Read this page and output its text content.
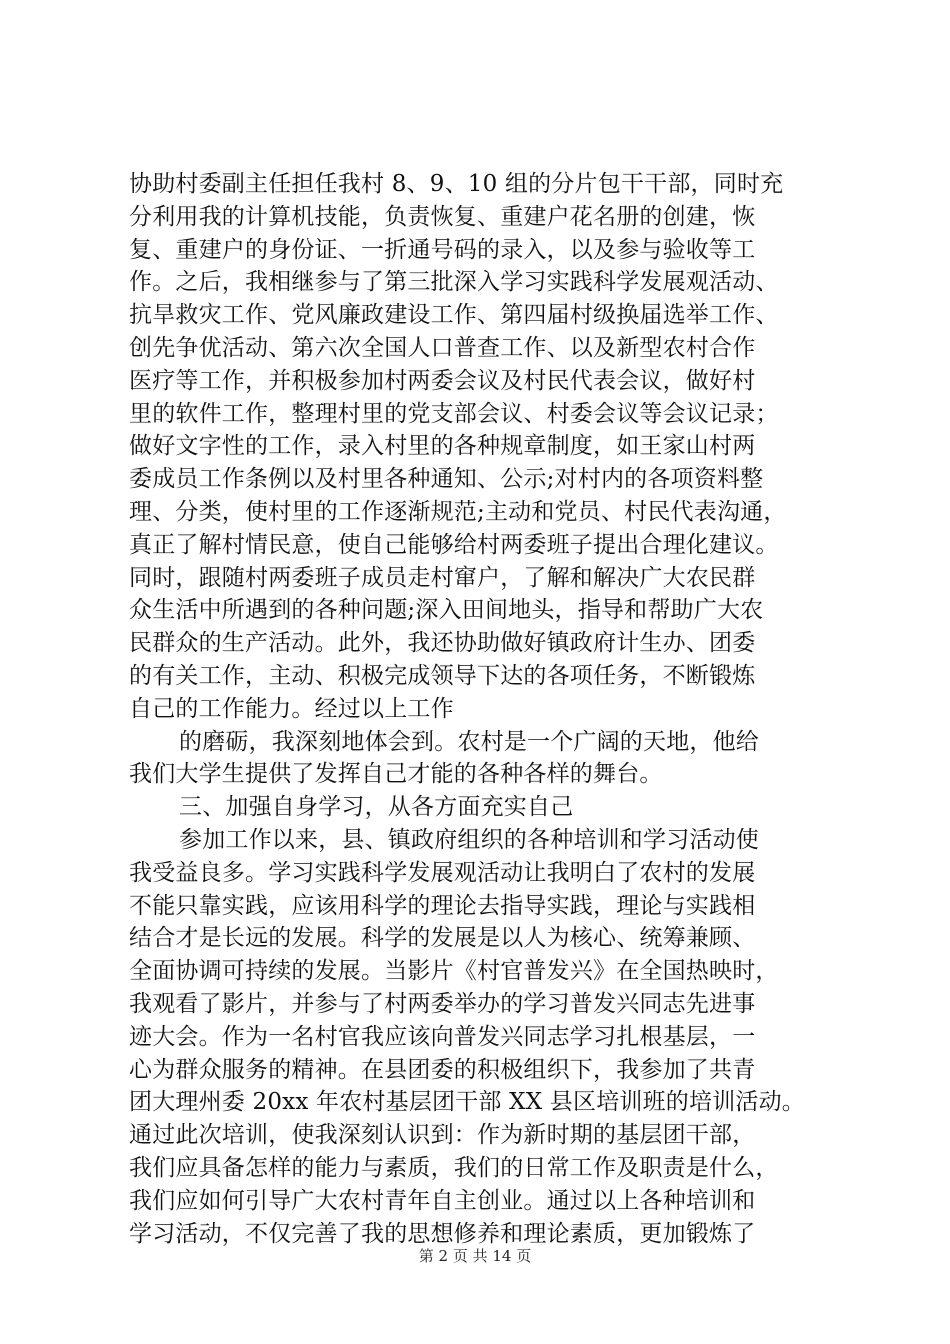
协助村委副主任担任我村 8、9、10 组的分片包干干部，同时充
分利用我的计算机技能，负责恢复、重建户花名册的创建，恢
复、重建户的身份证、一折通号码的录入，以及参与验收等工
作。之后，我相继参与了第三批深入学习实践科学发展观活动、
抗旱救灾工作、党风廉政建设工作、第四届村级换届选举工作、
创先争优活动、第六次全国人口普查工作、以及新型农村合作
医疗等工作，并积极参加村两委会议及村民代表会议，做好村
里的软件工作，整理村里的党支部会议、村委会议等会议记录；
做好文字性的工作，录入村里的各种规章制度，如王家山村两
委成员工作条例以及村里各种通知、公示;对村内的各项资料整
理、分类，使村里的工作逐渐规范;主动和党员、村民代表沟通，
真正了解村情民意，使自己能够给村两委班子提出合理化建议。
同时，跟随村两委班子成员走村窜户，了解和解决广大农民群
众生活中所遇到的各种问题;深入田间地头，指导和帮助广大农
民群众的生产活动。此外，我还协助做好镇政府计生办、团委
的有关工作，主动、积极完成领导下达的各项任务，不断锻炼
自己的工作能力。经过以上工作
的磨砺，我深刻地体会到。农村是一个广阔的天地，他给
我们大学生提供了发挥自己才能的各种各样的舞台。
三、加强自身学习，从各方面充实自己
参加工作以来，县、镇政府组织的各种培训和学习活动使
我受益良多。学习实践科学发展观活动让我明白了农村的发展
不能只靠实践，应该用科学的理论去指导实践，理论与实践相
结合才是长远的发展。科学的发展是以人为核心、统筹兼顾、
全面协调可持续的发展。当影片《村官普发兴》在全国热映时，
我观看了影片，并参与了村两委举办的学习普发兴同志先进事
迹大会。作为一名村官我应该向普发兴同志学习扎根基层，一
心为群众服务的精神。在县团委的积极组织下，我参加了共青
团大理州委 20xx 年农村基层团干部 XX 县区培训班的培训活动。
通过此次培训，使我深刻认识到：作为新时期的基层团干部，
我们应具备怎样的能力与素质，我们的日常工作及职责是什么，
我们应如何引导广大农村青年自主创业。通过以上各种培训和
学习活动，不仅完善了我的思想修养和理论素质，更加锻炼了
第 2 页 共 14 页
